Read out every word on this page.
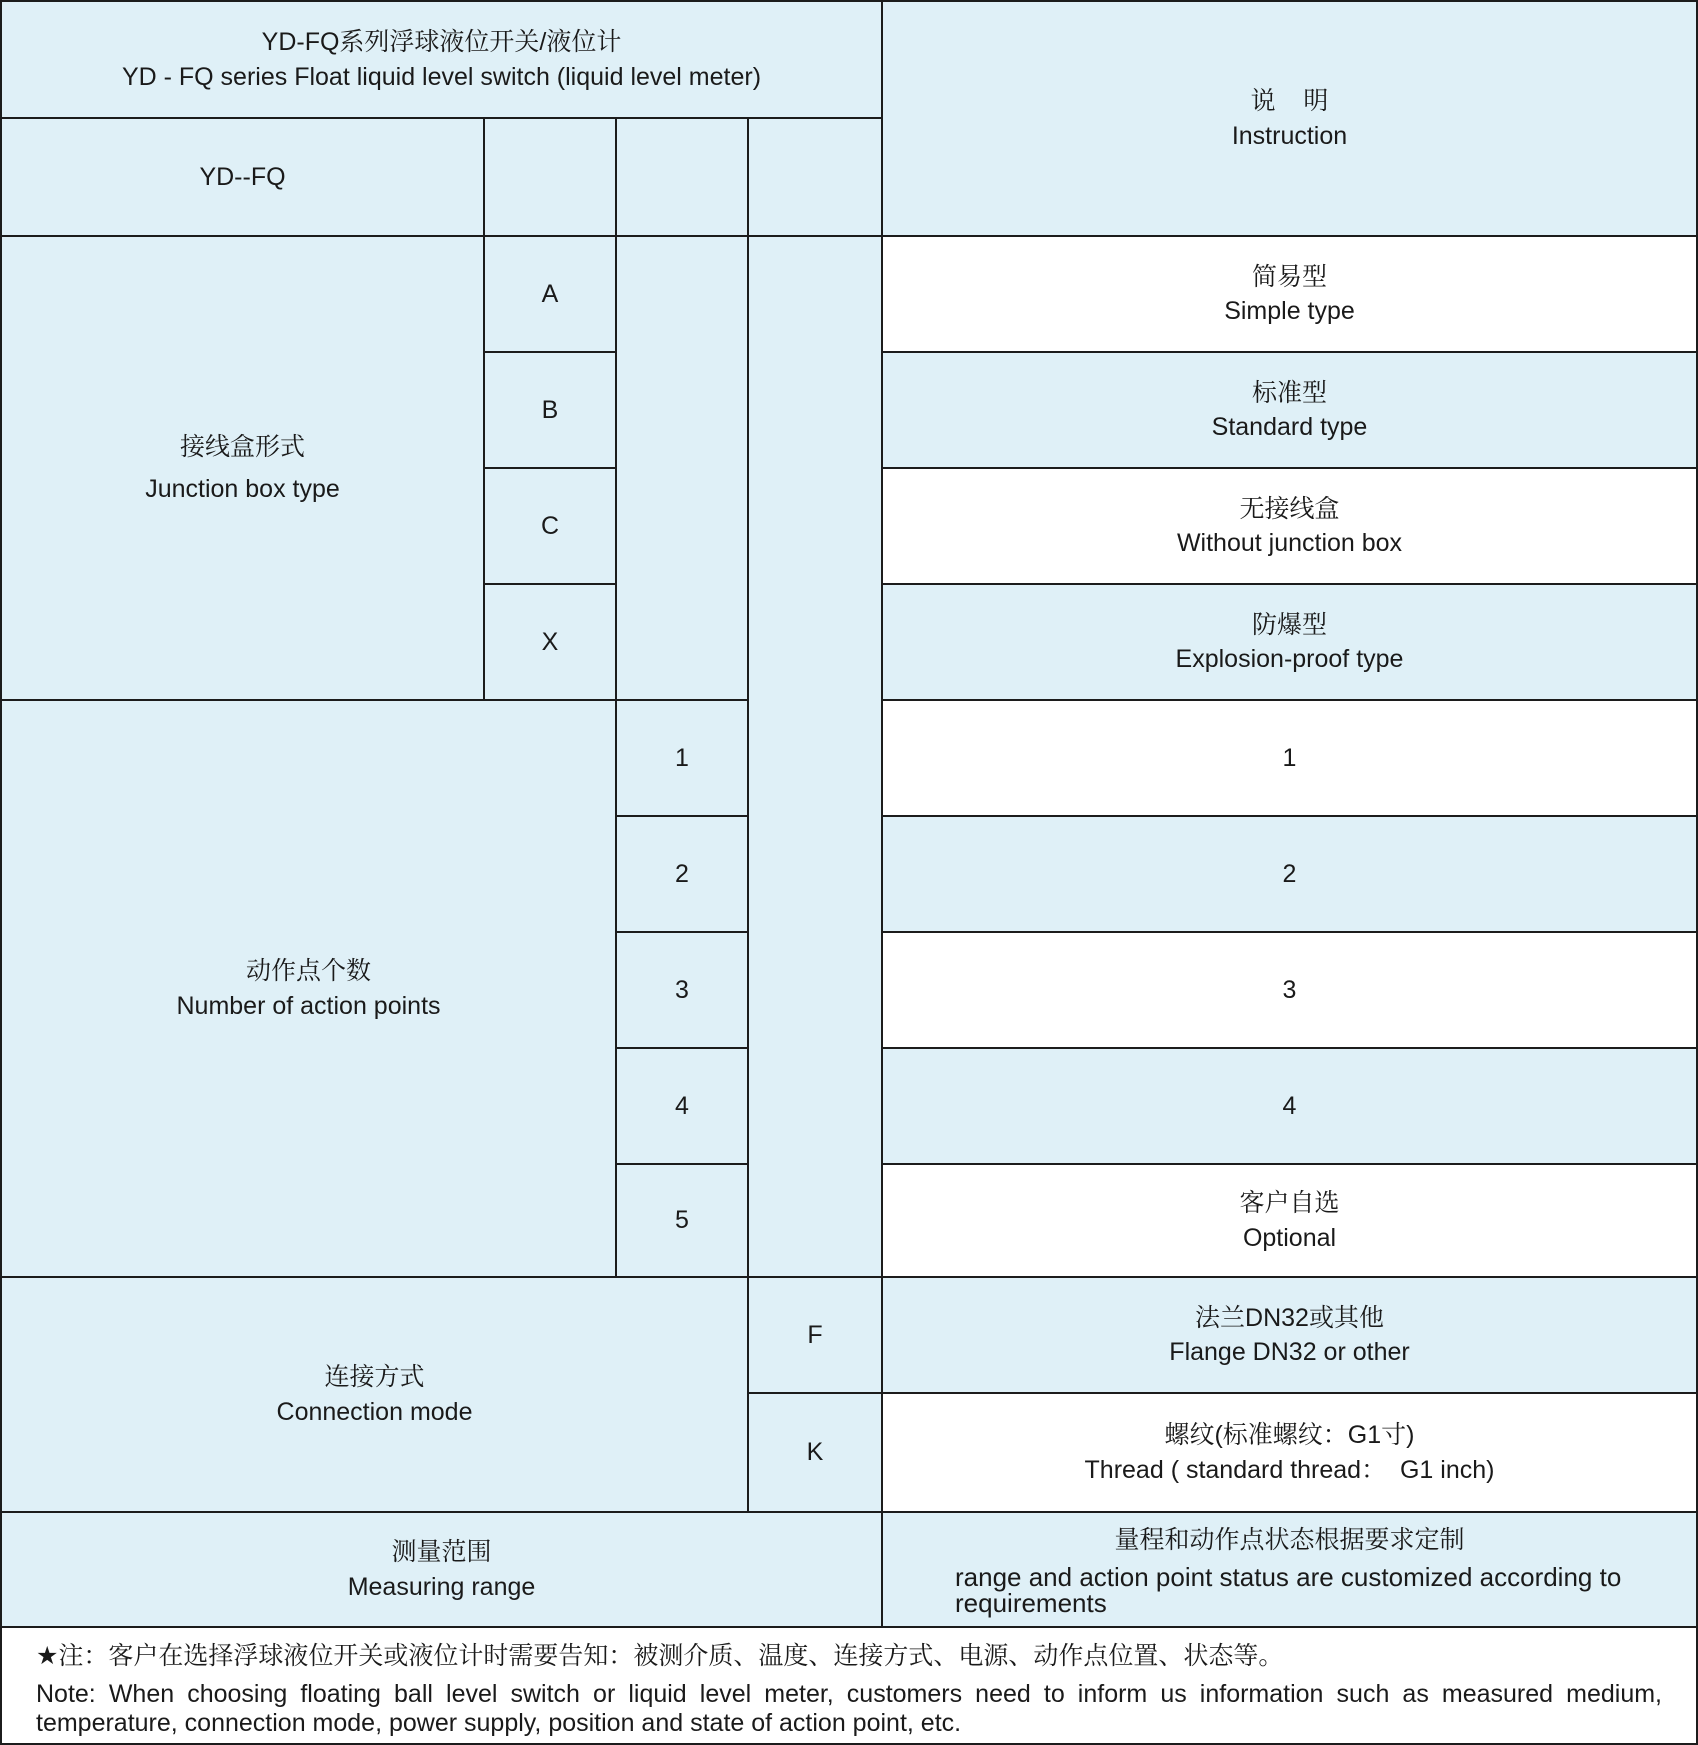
YD-FQ系列浮球液位开关/液位计
YD - FQ series Float liquid level switch (liquid level meter)
说    明
Instruction
YD--FQ
接线盒形式
Junction box type
A
B
C
X
简易型
Simple type
标准型
Standard type
无接线盒
Without junction box
防爆型
Explosion-proof type
动作点个数
Number of action points
1
2
3
4
5
1
2
3
4
客户自选
Optional
连接方式
Connection mode
F
K
法兰DN32或其他
Flange DN32 or other
螺纹(标准螺纹：G1寸)
Thread ( standard thread：  G1 inch)
测量范围
Measuring range
量程和动作点状态根据要求定制
range and action point status are customized according to requirements
★注：客户在选择浮球液位开关或液位计时需要告知：被测介质、温度、连接方式、电源、动作点位置、状态等。
Note: When choosing floating ball level switch or liquid level meter, customers need to inform us information such as measured medium, temperature, connection mode, power supply, position and state of action point, etc.
